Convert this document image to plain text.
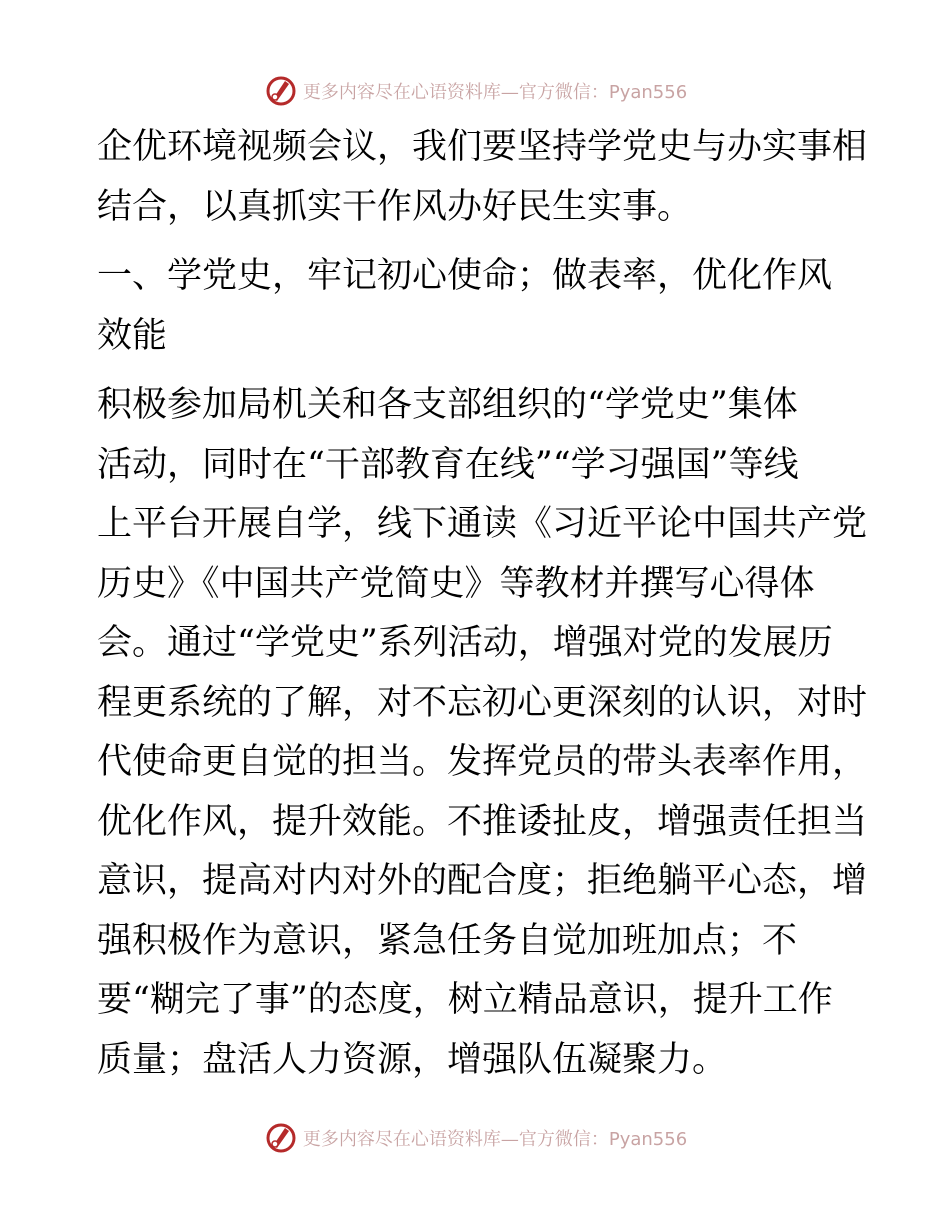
更多内容尽在心语资料库—官方微信：Pyan556
企优环境视频会议，我们要坚持学党史与办实事相
结合，以真抓实干作风办好民生实事。
一、学党史，牢记初心使命；做表率，优化作风
效能
积极参加局机关和各支部组织的“学党史”集体
活动，同时在“干部教育在线”“学习强国”等线
上平台开展自学，线下通读《习近平论中国共产党
历史》《中国共产党简史》等教材并撰写心得体
会。通过“学党史”系列活动，增强对党的发展历
程更系统的了解，对不忘初心更深刻的认识，对时
代使命更自觉的担当。发挥党员的带头表率作用，
优化作风，提升效能。不推诿扯皮，增强责任担当
意识，提高对内对外的配合度；拒绝躺平心态，增
强积极作为意识，紧急任务自觉加班加点；不
要“糊完了事”的态度，树立精品意识，提升工作
质量；盘活人力资源，增强队伍凝聚力。
更多内容尽在心语资料库—官方微信：Pyan556
